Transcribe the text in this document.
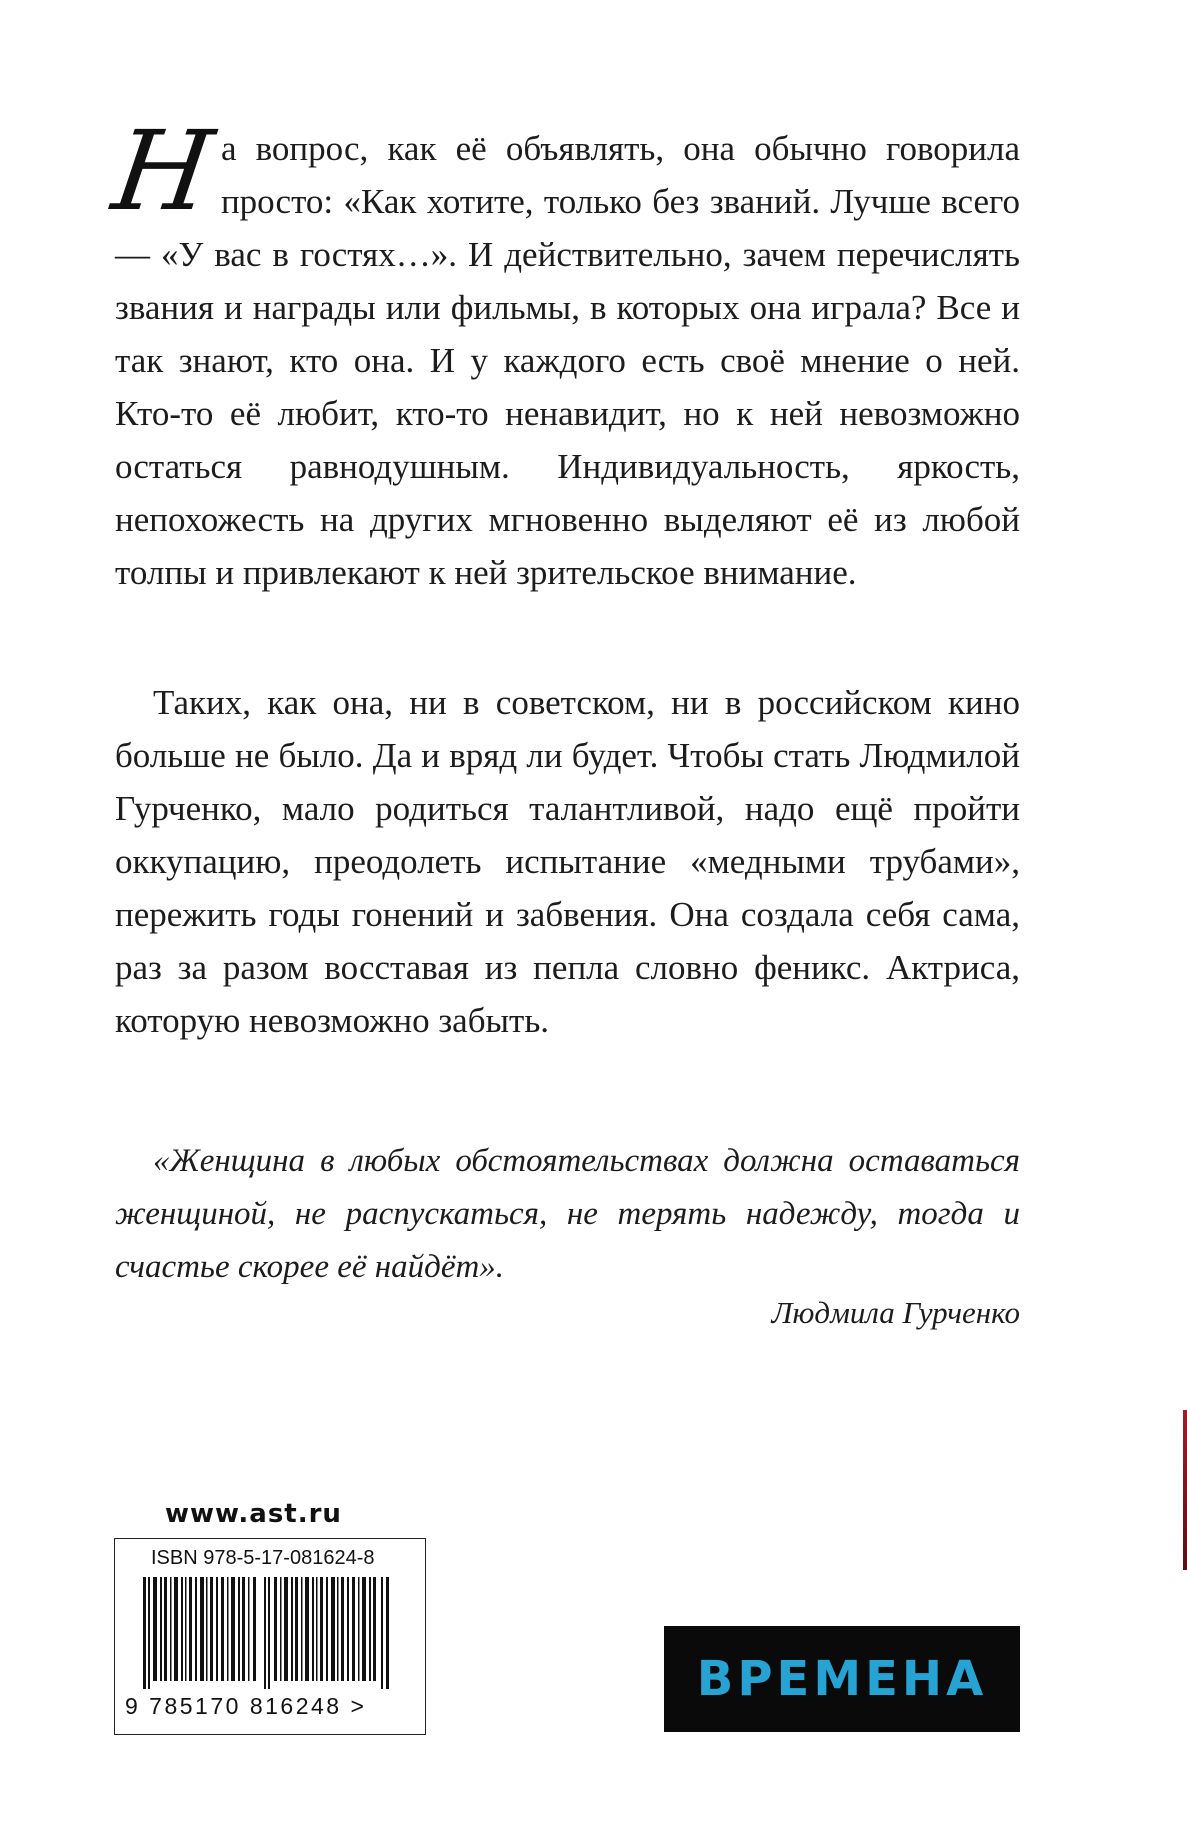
На вопрос, как её объявлять, она обычно говорила просто: «Как хотите, только без званий. Лучше всего — «У вас в гостях…». И действительно, зачем перечислять звания и награды или фильмы, в которых она играла? Все и так знают, кто она. И у каждого есть своё мнение о ней. Кто-то её любит, кто-то ненавидит, но к ней невозможно остаться равнодушным. Индивидуальность, яркость, непохожесть на других мгновенно выделяют её из любой толпы и привлекают к ней зрительское внимание.
Таких, как она, ни в советском, ни в российском кино больше не было. Да и вряд ли будет. Чтобы стать Людмилой Гурченко, мало родиться талантливой, надо ещё пройти оккупацию, преодолеть испытание «медными трубами», пережить годы гонений и забвения. Она создала себя сама, раз за разом восставая из пепла словно феникс. Актриса, которую невозможно забыть.
«Женщина в любых обстоятельствах должна оставаться женщиной, не распускаться, не терять надежду, тогда и счастье скорее её найдёт».
Людмила Гурченко
www.ast.ru
ISBN 978-5-17-081624-8
9 785170 816248 >	ВРЕМЕНА
